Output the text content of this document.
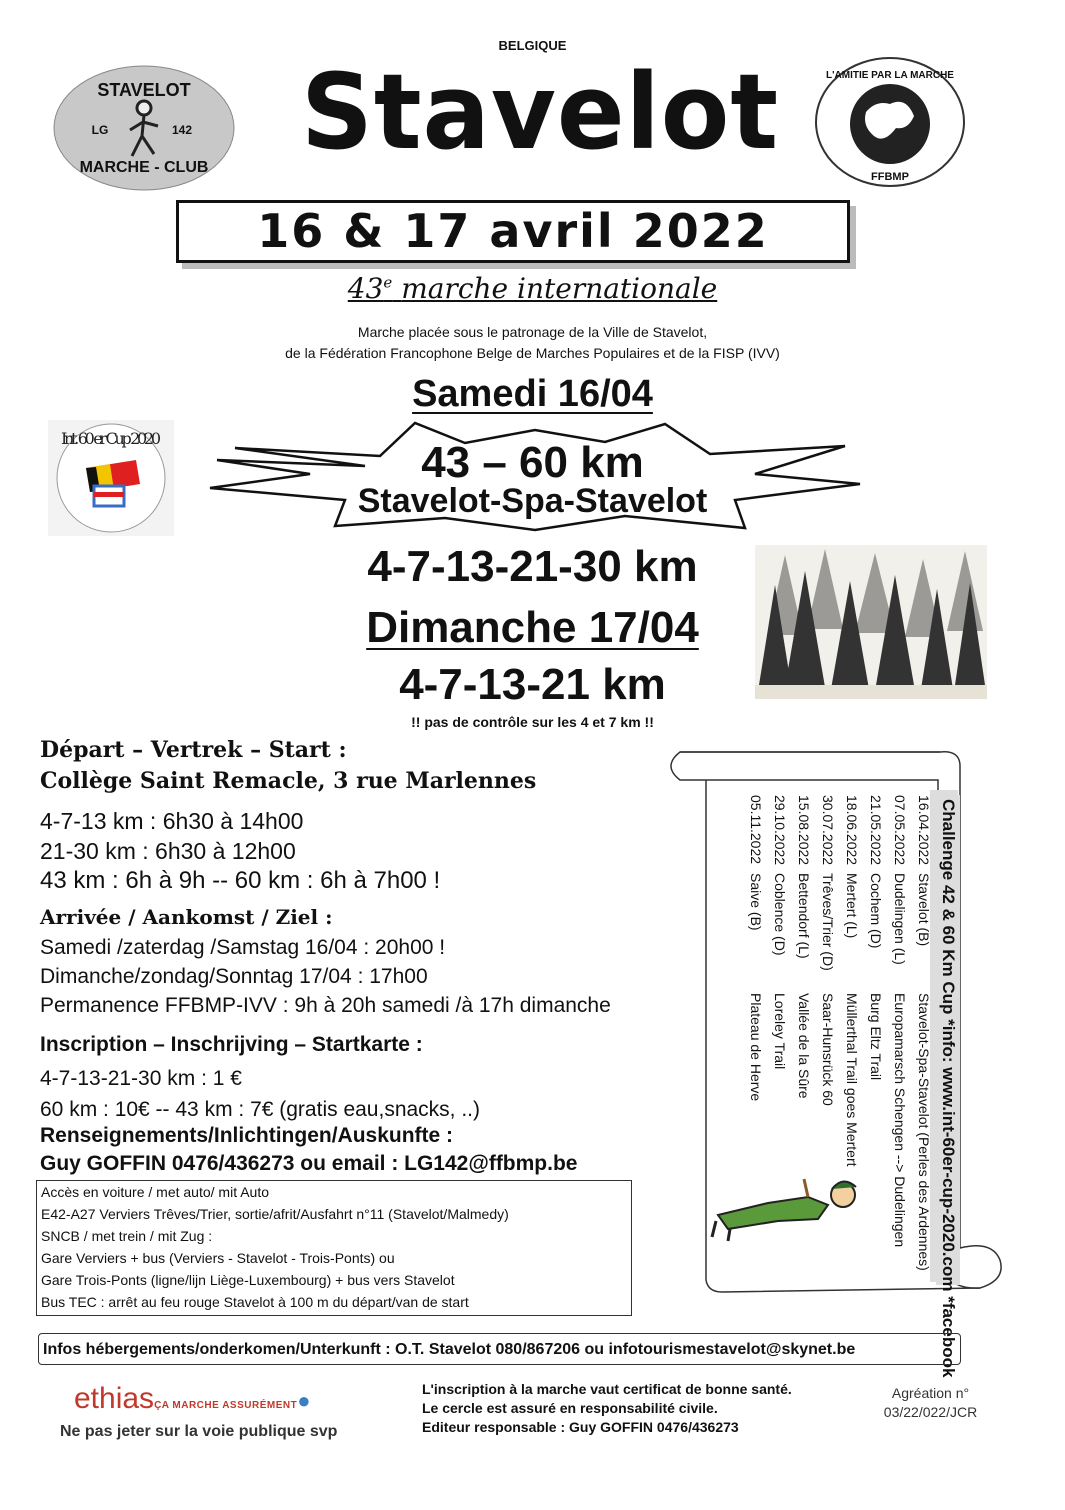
BELGIQUE
Stavelot
STAVELOT
LG	142
MARCHE - CLUB
L'AMITIE PAR LA MARCHE
FFBMP
16 & 17 avril 2022
43e marche internationale
Marche placée sous le patronage de la Ville de Stavelot,
de la Fédération Francophone Belge de Marches Populaires et de la FISP (IVV)
Samedi 16/04
Int. 60 er Cup 2020	43 – 60 km
Stavelot-Spa-Stavelot
4-7-13-21-30 km
Dimanche 17/04
4-7-13-21 km
!! pas de contrôle sur les 4 et 7 km !!
Départ – Vertrek – Start :
Collège Saint Remacle, 3 rue Marlennes
4-7-13 km : 6h30 à 14h00
21-30 km : 6h30 à 12h00
43 km : 6h à 9h -- 60 km : 6h à 7h00 !
Arrivée / Aankomst / Ziel :
Samedi /zaterdag /Samstag 16/04 : 20h00 !
Dimanche/zondag/Sonntag 17/04 : 17h00
Permanence FFBMP-IVV : 9h à 20h samedi /à 17h dimanche
Inscription – Inschrijving – Startkarte :
4-7-13-21-30 km : 1 €
60 km : 10€ -- 43 km : 7€ (gratis eau,snacks, ..)
Renseignements/Inlichtingen/Auskunfte :
Guy GOFFIN 0476/436273 ou email : LG142@ffbmp.be
Accès en voiture / met auto/ mit Auto
E42-A27 Verviers Trêves/Trier, sortie/afrit/Ausfahrt n°11 (Stavelot/Malmedy)
SNCB / met trein / mit Zug :
Gare Verviers + bus (Verviers - Stavelot - Trois-Ponts) ou
Gare Trois-Ponts (ligne/lijn Liège-Luxembourg) + bus vers Stavelot
Bus TEC : arrêt au feu rouge Stavelot à 100 m du départ/van de start	Challenge 42 & 60 Km Cup *info: www.int-60er-cup-2020.com *facebook
16.04.2022
Stavelot (B)
Stavelot-Spa-Stavelot (Perles des Ardennes)
07.05.2022
Dudelingen (L)
Europamarsch Schengen --> Dudelingen
21.05.2022
Cochem (D)
Burg Eltz Trail
18.06.2022
Mertert (L)
Müllerthal Trail goes Mertert
30.07.2022
Trêves/Trier (D)
Saar-Hunsrück 60
15.08.2022
Bettendorf (L)
Vallée de la Sûre
29.10.2022
Coblence (D)
Loreley Trail
05.11.2022
Saive (B)
Plateau de Herve
Infos hébergements/onderkomen/Unterkunft : O.T. Stavelot 080/867206 ou infotourismestavelot@skynet.be
ethiasÇA MARCHE ASSURÉMENT●
Ne pas jeter sur la voie publique svp
L'inscription à la marche vaut certificat de bonne santé.
Le cercle est assuré en responsabilité civile.
Editeur responsable : Guy GOFFIN 0476/436273
Agréation n°
03/22/022/JCR
